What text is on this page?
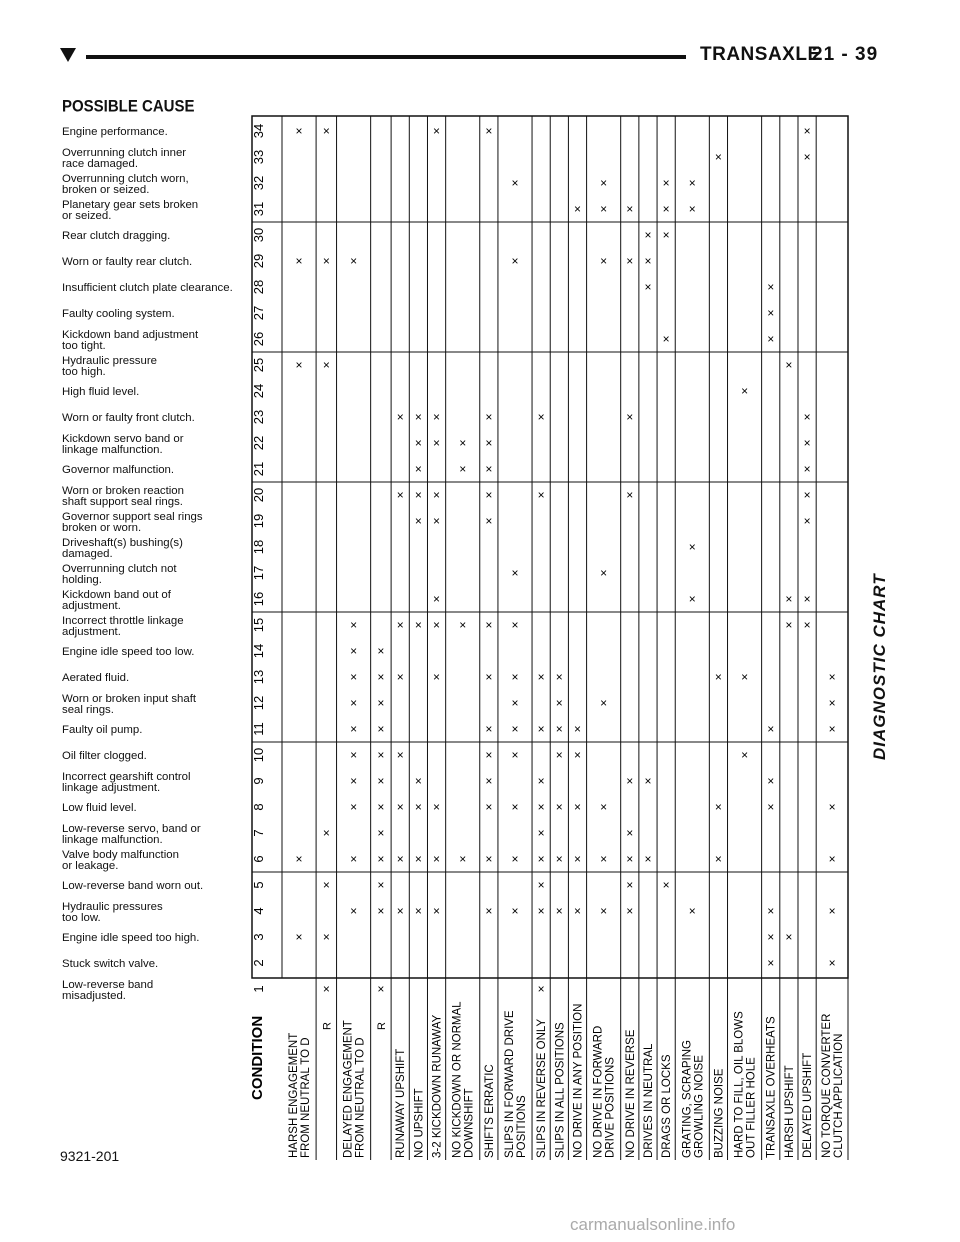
TRANSAXLE
21 - 39
POSSIBLE CAUSE
Engine performance.
Overrunning clutch inner
race damaged.
Overrunning clutch worn,
broken or seized.
Planetary gear sets broken
or seized.
Rear clutch dragging.
Worn or faulty rear clutch.
Insufficient clutch plate clearance.
Faulty cooling system.
Kickdown band adjustment
too tight.
Hydraulic pressure
too high.
High fluid level.
Worn or faulty front clutch.
Kickdown servo band or
linkage malfunction.
Governor malfunction.
Worn or broken reaction
shaft support seal rings.
Governor support seal rings
broken or worn.
Driveshaft(s) bushing(s)
damaged.
Overrunning clutch not
holding.
Kickdown band out of
adjustment.
Incorrect throttle linkage
adjustment.
Engine idle speed too low.
Aerated fluid.
Worn or broken input shaft
seal rings.
Faulty oil pump.
Oil filter clogged.
Incorrect gearshift control
linkage adjustment.
Low fluid level.
Low-reverse servo, band or
linkage malfunction.
Valve body malfunction
or leakage.
Low-reverse band worn out.
Hydraulic pressures
too low.
Engine idle speed too high.
Stuck switch valve.
Low-reverse band
misadjusted.
1
2
3
4
5
6
7
8
9
10
11
12
13
14
15
16
17
18
19
20
21
22
23
24
25
26
27
28
29
30
31
32
33
34
×
×
×
×
×
HARSH ENGAGEMENT FROM NEUTRAL TO D
×
×
×
×
×
×
×
R
×
×
×
×
×
×
×
×
×
×
×
DELAYED ENGAGEMENT FROM NEUTRAL TO D
×
×
×
×
×
×
×
×
×
×
×
×
R
×
×
×
×
×
×
×
×
RUNAWAY UPSHIFT
×
×
×
×
×
×
×
×
×
×
NO UPSHIFT
×
×
×
×
×
×
×
×
×
×
×
3-2 KICKDOWN RUNAWAY
×
×
×
×
NO KICKDOWN OR NORMAL DOWNSHIFT
×
×
×
×
×
×
×
×
×
×
×
×
×
×
SHIFTS ERRATIC
×
×
×
×
×
×
×
×
×
×
×
SLIPS IN FORWARD DRIVE POSITIONS
×
×
×
×
×
×
×
×
×
×
×
SLIPS IN REVERSE ONLY
×
×
×
×
×
×
×
SLIPS IN ALL POSITIONS
×
×
×
×
×
×
NO DRIVE IN ANY POSITION
×
×
×
×
×
×
×
×
NO DRIVE IN FORWARD DRIVE POSITIONS
×
×
×
×
×
×
×
×
×
NO DRIVE IN REVERSE
×
×
×
×
×
DRIVES IN NEUTRAL
×
×
×
×
×
DRAGS OR LOCKS
×
×
×
×
×
GRATING, SCRAPING GROWLING NOISE
×
×
×
×
BUZZING NOISE
×
×
×
HARD TO FILL, OIL BLOWS OUT FILLER HOLE
×
×
×
×
×
×
×
×
×
TRANSAXLE OVERHEATS
×
×
×
×
HARSH UPSHIFT
×
×
×
×
×
×
×
×
×
DELAYED UPSHIFT
×
×
×
×
×
×
×
NO TORQUE CONVERTER CLUTCH APPLICATION
CONDITION
DIAGNOSTIC CHART
9321-201
carmanualsonline.info
